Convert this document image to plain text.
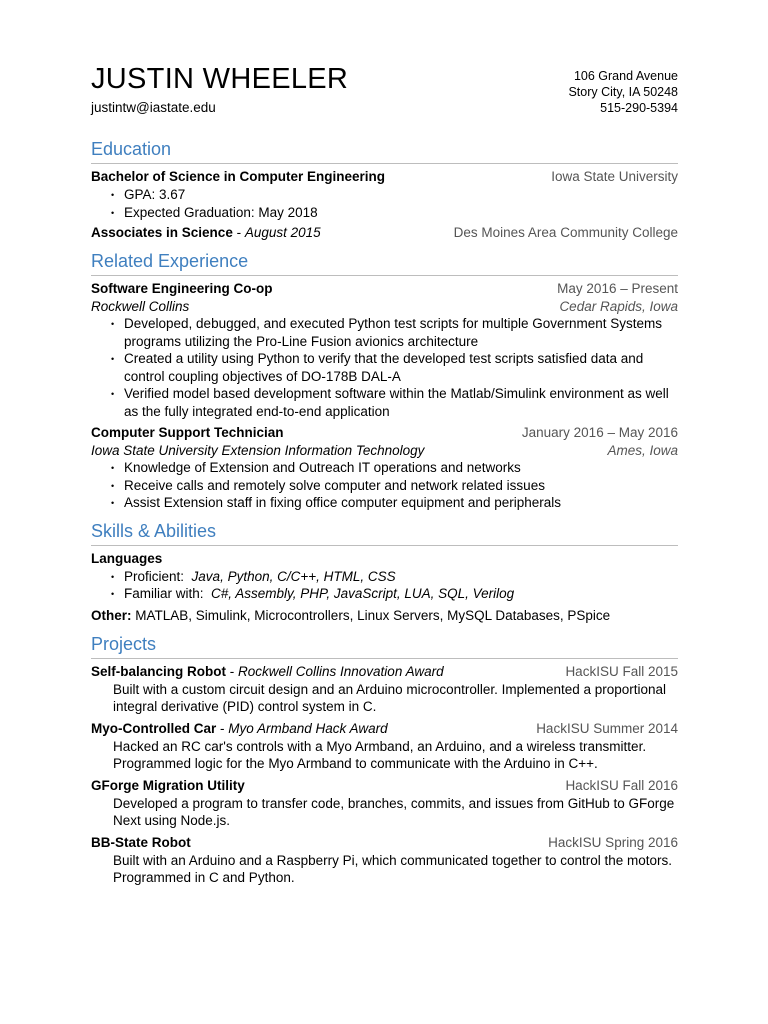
JUSTIN WHEELER
justintw@iastate.edu
106 Grand Avenue
Story City, IA 50248
515-290-5394
Education
Bachelor of Science in Computer Engineering	Iowa State University
• GPA: 3.67
• Expected Graduation: May 2018
Associates in Science - August 2015	Des Moines Area Community College
Related Experience
Software Engineering Co-op	May 2016 – Present
Rockwell Collins	Cedar Rapids, Iowa
• Developed, debugged, and executed Python test scripts for multiple Government Systems programs utilizing the Pro-Line Fusion avionics architecture
• Created a utility using Python to verify that the developed test scripts satisfied data and control coupling objectives of DO-178B DAL-A
• Verified model based development software within the Matlab/Simulink environment as well as the fully integrated end-to-end application
Computer Support Technician	January 2016 – May 2016
Iowa State University Extension Information Technology	Ames, Iowa
• Knowledge of Extension and Outreach IT operations and networks
• Receive calls and remotely solve computer and network related issues
• Assist Extension staff in fixing office computer equipment and peripherals
Skills & Abilities
Languages
• Proficient: Java, Python, C/C++, HTML, CSS
• Familiar with: C#, Assembly, PHP, JavaScript, LUA, SQL, Verilog
Other: MATLAB, Simulink, Microcontrollers, Linux Servers, MySQL Databases, PSpice
Projects
Self-balancing Robot - Rockwell Collins Innovation Award	HackISU Fall 2015
Built with a custom circuit design and an Arduino microcontroller. Implemented a proportional integral derivative (PID) control system in C.
Myo-Controlled Car - Myo Armband Hack Award	HackISU Summer 2014
Hacked an RC car's controls with a Myo Armband, an Arduino, and a wireless transmitter. Programmed logic for the Myo Armband to communicate with the Arduino in C++.
GForge Migration Utility	HackISU Fall 2016
Developed a program to transfer code, branches, commits, and issues from GitHub to GForge Next using Node.js.
BB-State Robot	HackISU Spring 2016
Built with an Arduino and a Raspberry Pi, which communicated together to control the motors. Programmed in C and Python.
